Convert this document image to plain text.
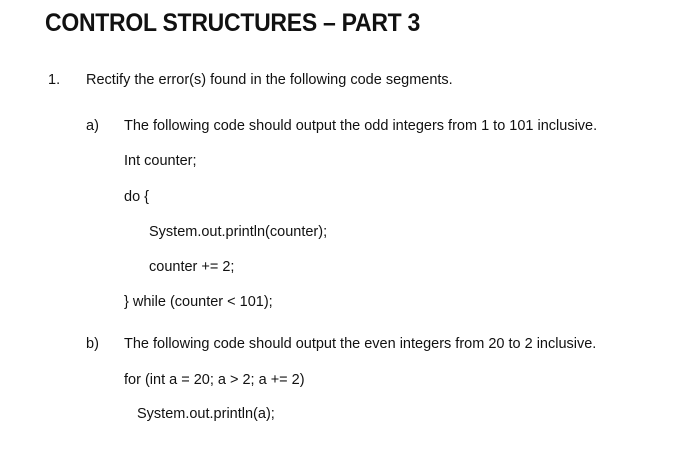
CONTROL STRUCTURES – PART 3
1. Rectify the error(s) found in the following code segments.
a) The following code should output the odd integers from 1 to 101 inclusive.
Int counter;
do {
System.out.println(counter);
counter += 2;
} while (counter < 101);
b) The following code should output the even integers from 20 to 2 inclusive.
for (int a = 20; a > 2; a += 2)
System.out.println(a);
